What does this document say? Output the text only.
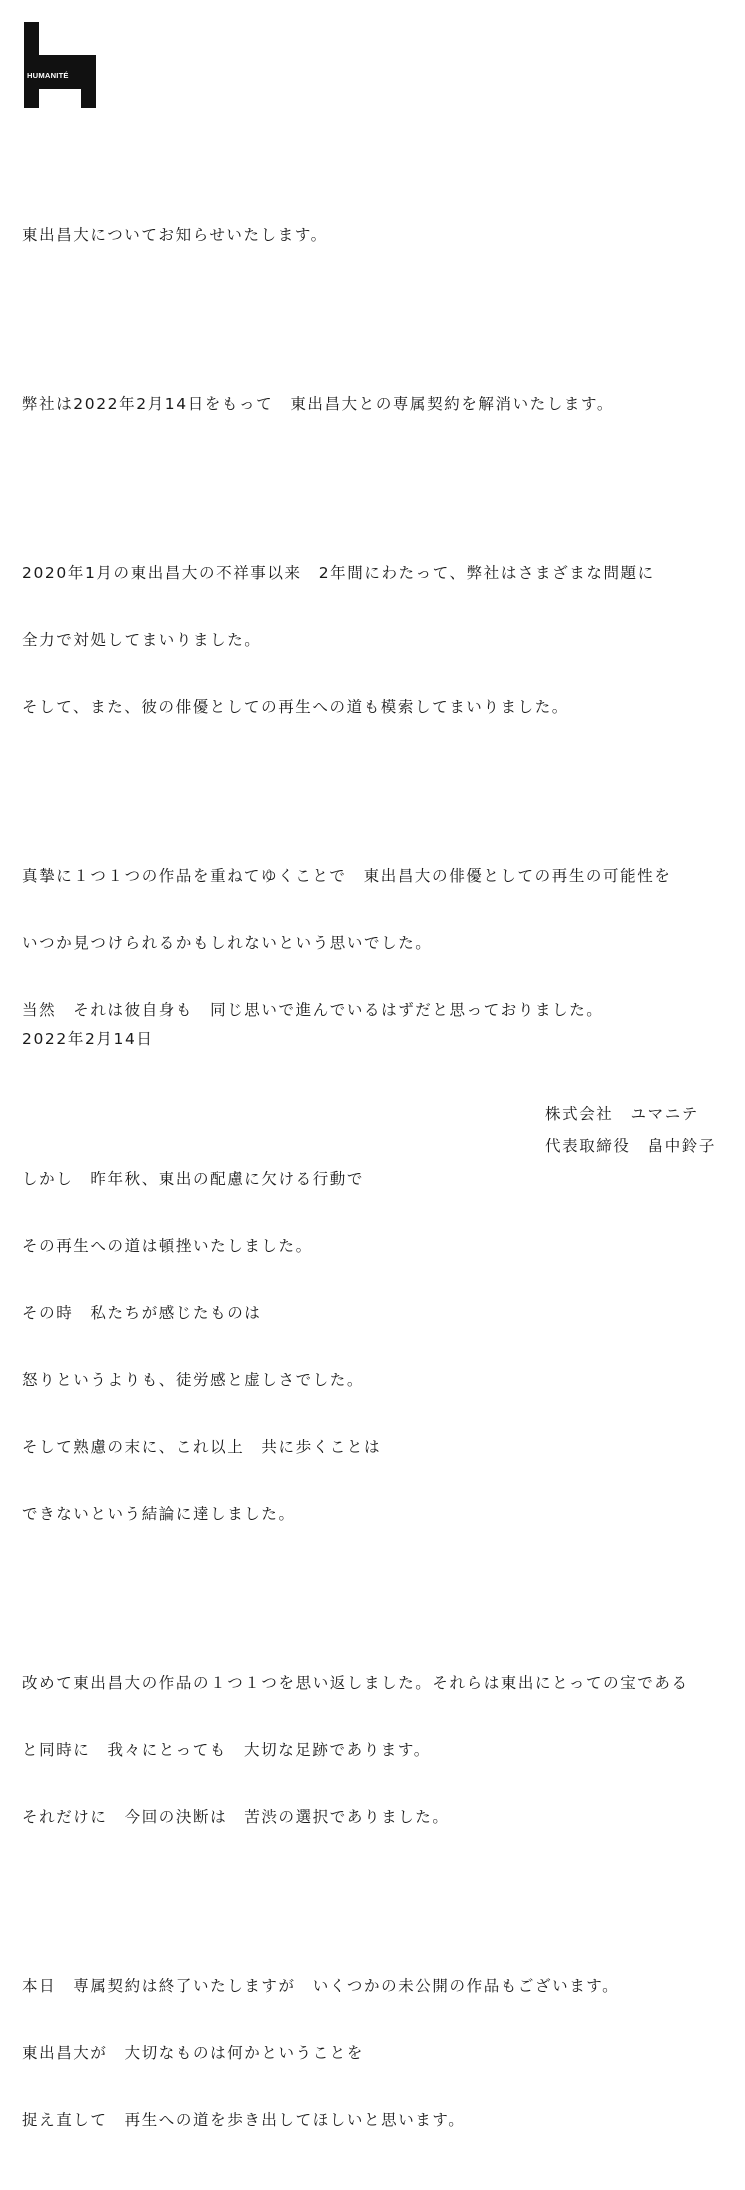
HUMANITÉ

東出昌大についてお知らせいたします。

弊社は2022年2月14日をもって　東出昌大との専属契約を解消いたします。

2020年1月の東出昌大の不祥事以来　2年間にわたって、弊社はさまざまな問題に

全力で対処してまいりました。

そして、また、彼の俳優としての再生への道も模索してまいりました。

真摯に１つ１つの作品を重ねてゆくことで　東出昌大の俳優としての再生の可能性を

いつか見つけられるかもしれないという思いでした。

当然　それは彼自身も　同じ思いで進んでいるはずだと思っておりました。

しかし　昨年秋、東出の配慮に欠ける行動で

その再生への道は頓挫いたしました。

その時　私たちが感じたものは

怒りというよりも、徒労感と虚しさでした。

そして熟慮の末に、これ以上　共に歩くことは

できないという結論に達しました。

改めて東出昌大の作品の１つ１つを思い返しました。それらは東出にとっての宝である

と同時に　我々にとっても　大切な足跡であります。

それだけに　今回の決断は　苦渋の選択でありました。

本日　専属契約は終了いたしますが　いくつかの未公開の作品もございます。

東出昌大が　大切なものは何かということを

捉え直して　再生への道を歩き出してほしいと思います。

2022年2月14日
株式会社　ユマニテ
代表取締役　畠中鈴子
